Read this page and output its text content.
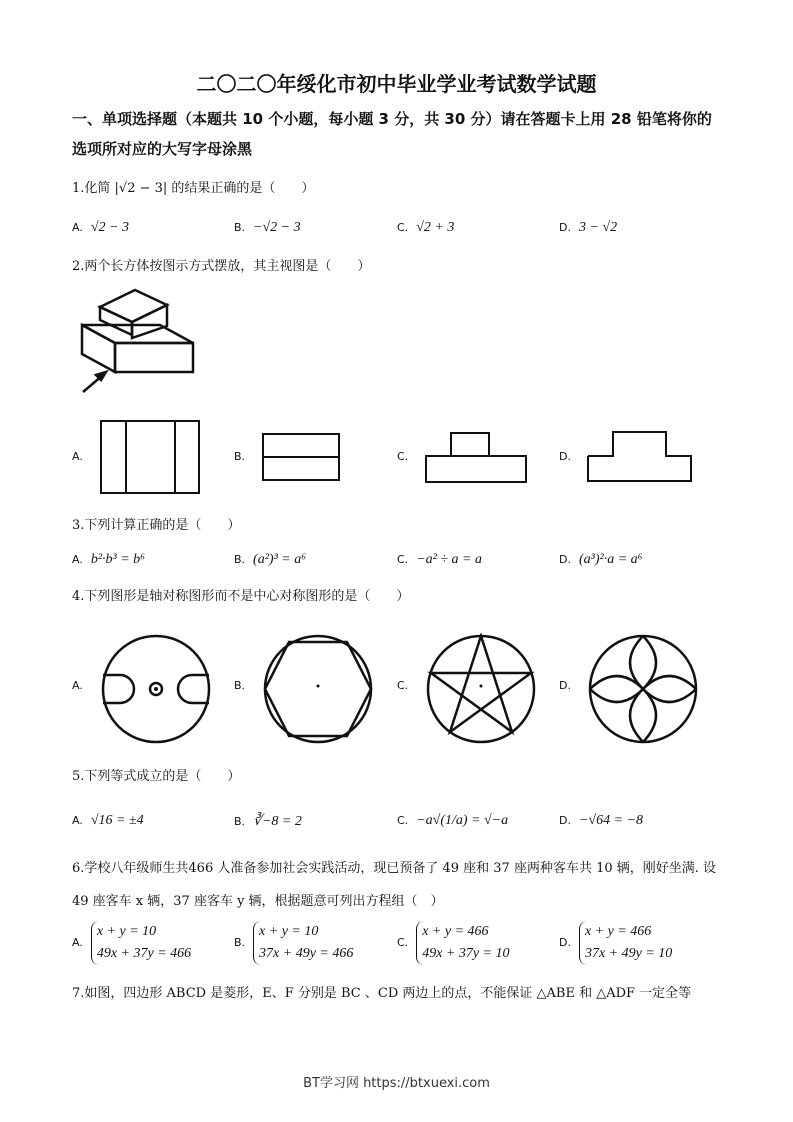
二〇二〇年绥化市初中毕业学业考试数学试题
一、单项选择题（本题共 10 个小题，每小题 3 分，共 30 分）请在答题卡上用 28 铅笔将你的
选项所对应的大写字母涂黑
1.化简 |√2 − 3| 的结果正确的是（　　）
A. √2 − 3	B. −√2 − 3	C. √2 + 3	D. 3 − √2
2.两个长方体按图示方式摆放，其主视图是（　　）
A.	B.	C.	D.
3.下列计算正确的是（　　）
A. b²·b³ = b⁶	B. (a²)³ = a⁶	C. −a² ÷ a = a	D. (a³)²·a = a⁶
4.下列图形是轴对称图形而不是中心对称图形的是（　　）
A.	B.	C.	D.
5.下列等式成立的是（　　）
A. √16 = ±4	B. ∛−8 = 2	C. −a√(1/a) = √−a	D. −√64 = −8
6.学校八年级师生共466 人准备参加社会实践活动，现已预备了 49 座和 37 座两种客车共 10 辆，刚好坐满. 设
49 座客车 x 辆，37 座客车 y 辆，根据题意可列出方程组（　）
A.
x + y = 10
49x + 37y = 466
B.
x + y = 10
37x + 49y = 466
C.
x + y = 466
49x + 37y = 10
D.
x + y = 466
37x + 49y = 10
7.如图，四边形 ABCD 是菱形，E、F 分别是 BC 、CD 两边上的点，不能保证 △ABE 和 △ADF 一定全等
BT学习网 https://btxuexi.com
